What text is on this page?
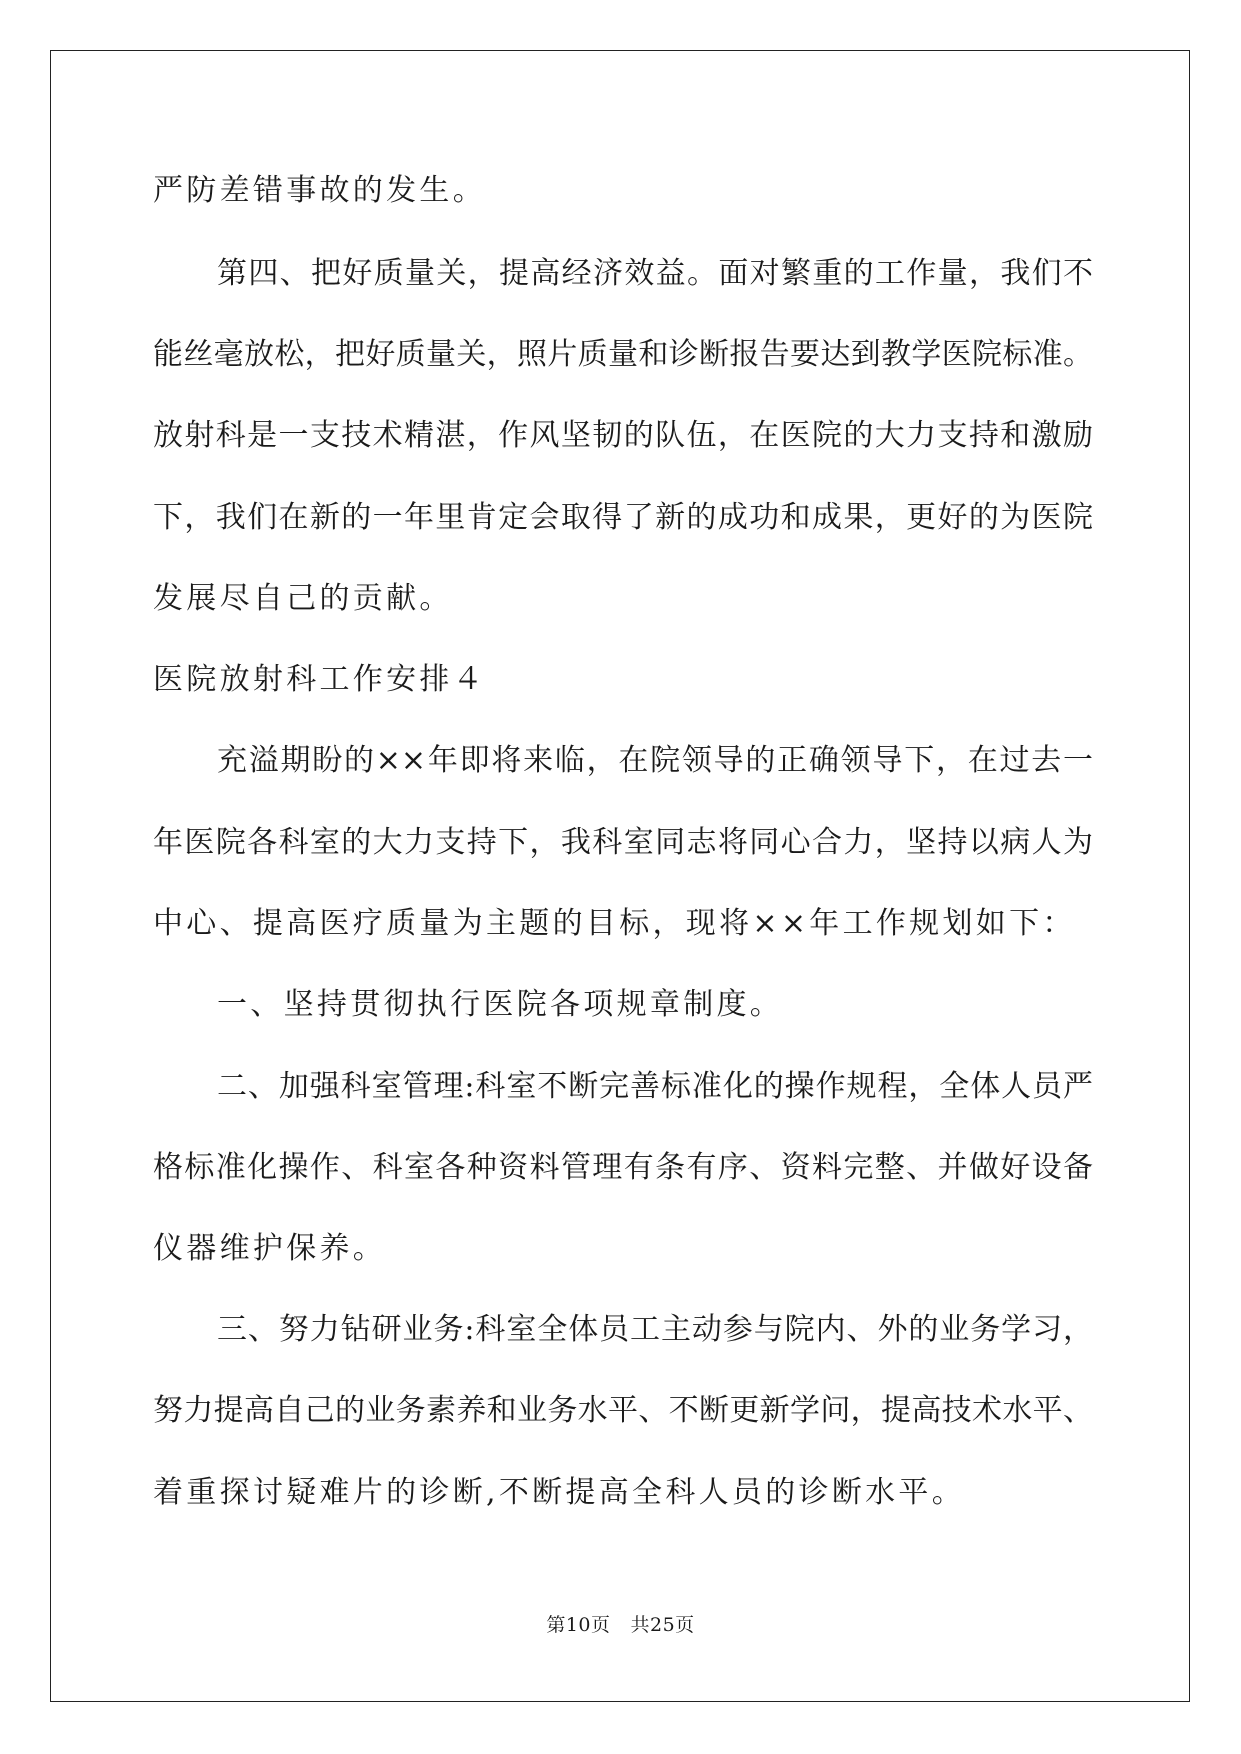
严防差错事故的发生。
第四、把好质量关，提高经济效益。面对繁重的工作量，我们不
能丝毫放松，把好质量关，照片质量和诊断报告要达到教学医院标准。
放射科是一支技术精湛，作风坚韧的队伍，在医院的大力支持和激励
下，我们在新的一年里肯定会取得了新的成功和成果，更好的为医院
发展尽自己的贡献。
医院放射科工作安排４
充溢期盼的××年即将来临，在院领导的正确领导下，在过去一
年医院各科室的大力支持下，我科室同志将同心合力，坚持以病人为
中心、提高医疗质量为主题的目标，现将××年工作规划如下：
一、坚持贯彻执行医院各项规章制度。
二、加强科室管理:科室不断完善标准化的操作规程，全体人员严
格标准化操作、科室各种资料管理有条有序、资料完整、并做好设备
仪器维护保养。
三、努力钻研业务:科室全体员工主动参与院内、外的业务学习，
努力提高自己的业务素养和业务水平、不断更新学问，提高技术水平、
着重探讨疑难片的诊断,不断提高全科人员的诊断水平。
第10页 共25页
